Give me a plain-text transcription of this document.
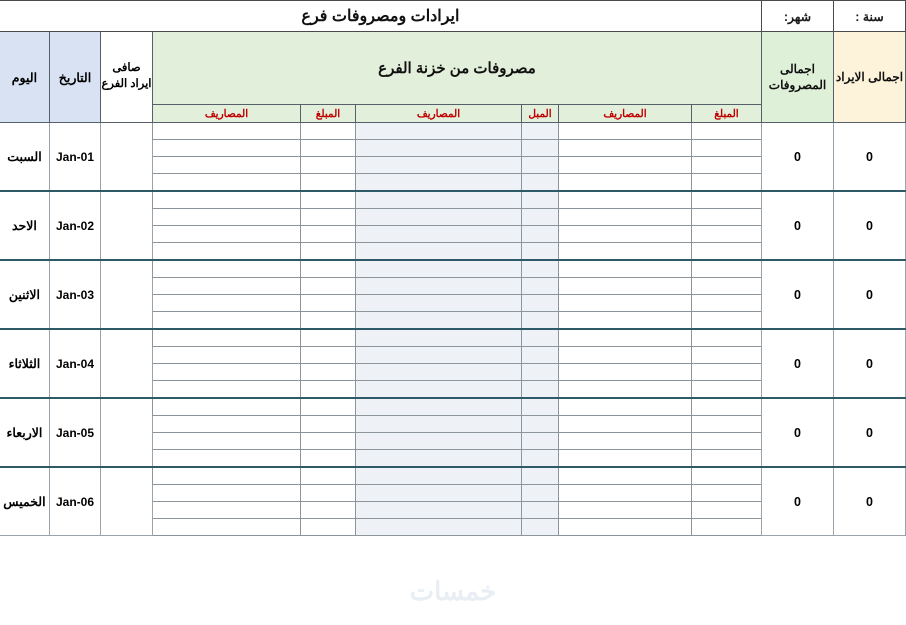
سنة :	شهر:	ايرادات ومصروفات فرع								
اجمالى الايراد	اجمالى المصروفات	مصروفات من خزنة الفرع						صافى ايراد الفرع	التاريخ	اليوم
		المبلغ	المصاريف	المبل	المصاريف	المبلغ	المصاريف			
0	0								01-Jan	السبت

0	0								02-Jan	الاحد

0	0								03-Jan	الاثنين

0	0								04-Jan	الثلاثاء

0	0								05-Jan	الاربعاء

0	0								06-Jan	الخميس

خمسات
